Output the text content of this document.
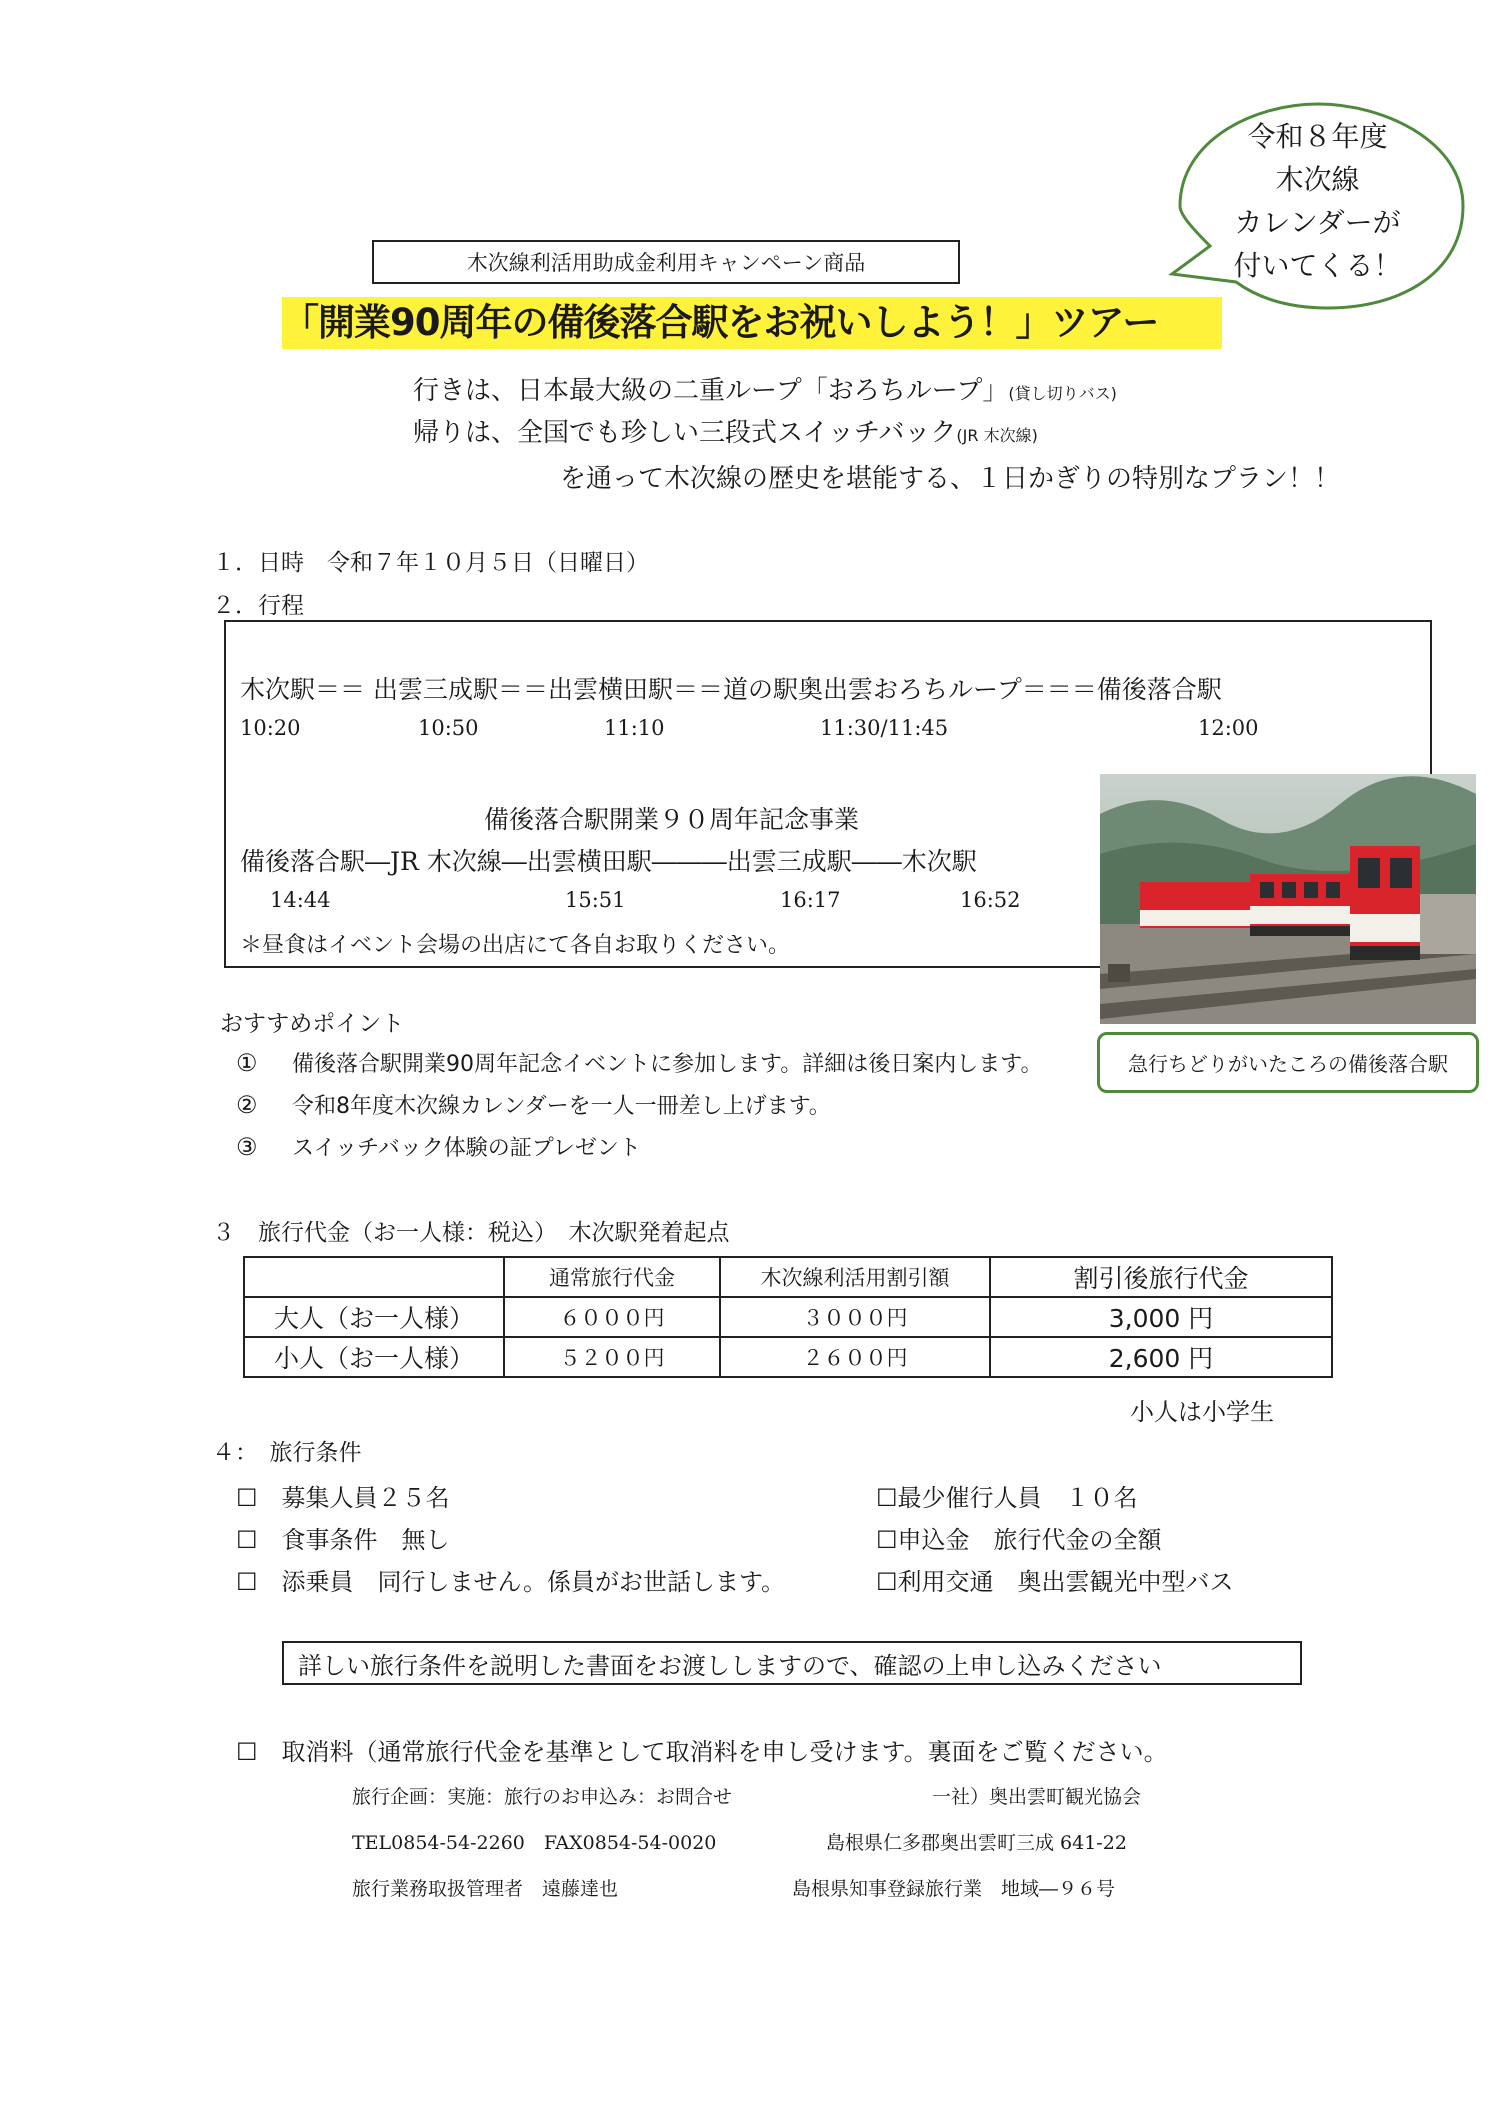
令和８年度
木次線
カレンダーが
付いてくる！
木次線利活用助成金利用キャンペーン商品
「開業90周年の備後落合駅をお祝いしよう！」ツアー
行きは、日本最大級の二重ループ「おろちループ」(貸し切りバス)
帰りは、全国でも珍しい三段式スイッチバック(JR 木次線)
を通って木次線の歴史を堪能する、１日かぎりの特別なプラン！！
１．日時　令和７年１０月５日（日曜日）
２．行程
木次駅＝＝ 出雲三成駅＝＝出雲横田駅＝＝道の駅奥出雲おろちループ＝＝＝備後落合駅
10:20	10:50	11:10	11:30/11:45	12:00
備後落合駅開業９０周年記念事業
備後落合駅―JR 木次線―出雲横田駅―――出雲三成駅――木次駅
14:44	15:51	16:17	16:52
＊昼食はイベント会場の出店にて各自お取りください。
急行ちどりがいたころの備後落合駅
おすすめポイント
① 備後落合駅開業90周年記念イベントに参加します。詳細は後日案内します。
② 令和8年度木次線カレンダーを一人一冊差し上げます。
③ スイッチバック体験の証プレゼント
３　旅行代金（お一人様：税込）　木次駅発着起点
	通常旅行代金	木次線利活用割引額	割引後旅行代金
大人（お一人様）	６０００円	３０００円	3,000 円
小人（お一人様）	５２００円	２６００円	2,600 円
小人は小学生
４：　旅行条件
☐　募集人員２５名
☐　食事条件　無し
☐　添乗員　同行しません。係員がお世話します。
☐最少催行人員　１０名
☐申込金　旅行代金の全額
☐利用交通　奥出雲観光中型バス
詳しい旅行条件を説明した書面をお渡ししますので、確認の上申し込みください
☐　取消料（通常旅行代金を基準として取消料を申し受けます。裏面をご覧ください。
旅行企画：実施：旅行のお申込み：お問合せ	一社）奥出雲町観光協会
TEL0854-54-2260　FAX0854-54-0020	島根県仁多郡奥出雲町三成 641-22
旅行業務取扱管理者　遠藤達也	島根県知事登録旅行業　地域―９６号
